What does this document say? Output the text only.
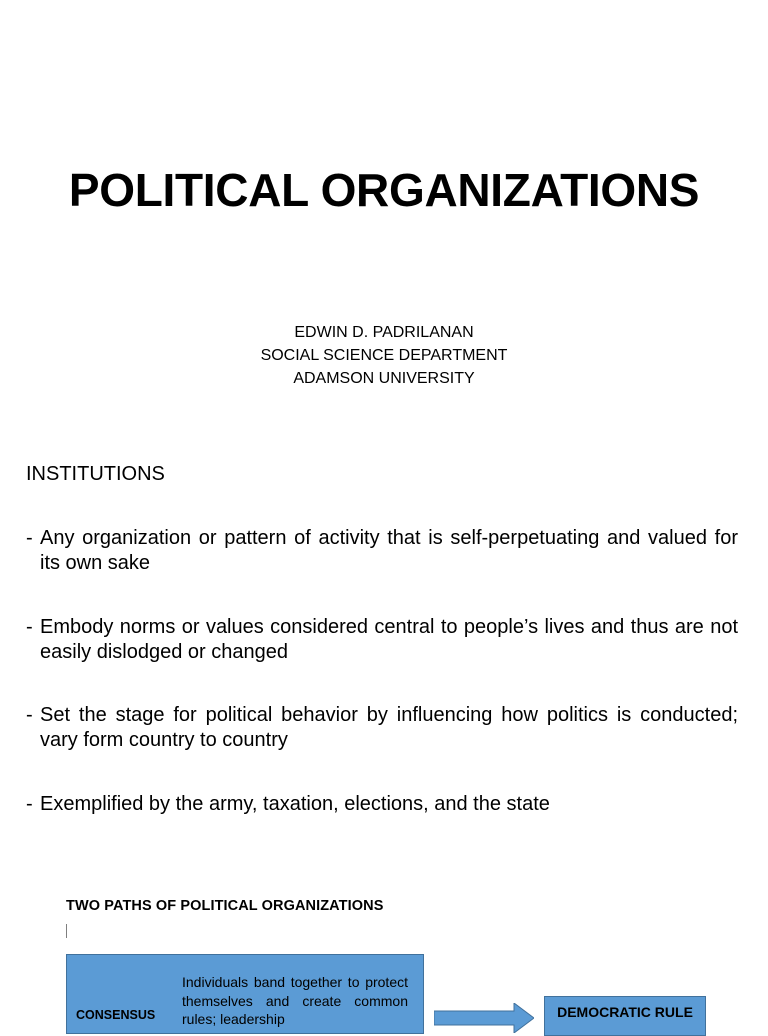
POLITICAL ORGANIZATIONS
EDWIN D. PADRILANAN
SOCIAL SCIENCE DEPARTMENT
ADAMSON UNIVERSITY
INSTITUTIONS
- Any organization or pattern of activity that is self-perpetuating and valued for its own sake
- Embody norms or values considered central to people’s lives and thus are not easily dislodged or changed
- Set the stage for political behavior by influencing how politics is conducted; vary form country to country
- Exemplified by the army, taxation, elections, and the state
TWO PATHS OF POLITICAL ORGANIZATIONS
CONSENSUS
Individuals band together to protect themselves and create common rules; leadership	DEMOCRATIC RULE
